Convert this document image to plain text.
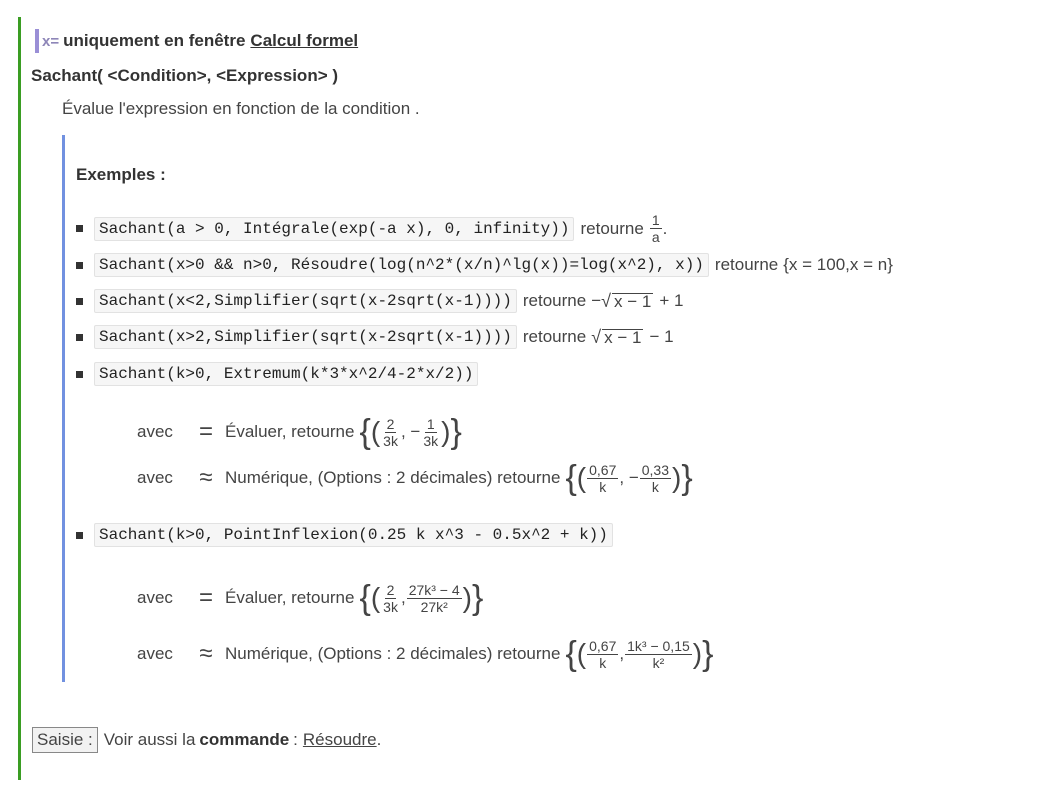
x= uniquement en fenêtre Calcul formel
Sachant( <Condition>, <Expression> )
Évalue l'expression en fonction de la condition .
Exemples :
Sachant(a > 0, Intégrale(exp(-a x), 0, infinity)) retourne $\frac{1}{a}$ .
Sachant(x>0 && n>0, Résoudre(log(n^2*(x/n)^lg(x))=log(x^2), x)) retourne {x = 100,x = n}
Sachant(x<2,Simplifier(sqrt(x-2sqrt(x-1)))) retourne − √ x − 1 + 1
Sachant(x>2,Simplifier(sqrt(x-2sqrt(x-1)))) retourne √ x − 1 − 1
Sachant(k>0, Extremum(k*3*x^2/4-2*x/2))
avec	= Évaluer, retourne { ( $\frac{2}{3k}$ , − $\frac{1}{3k}$ ) }
avec	≈ Numérique, (Options : 2 décimales) retourne { ( $\frac{0,67}{k}$ , − $\frac{0,33}{k}$ ) }
Sachant(k>0, PointInflexion(0.25 k x^3 - 0.5x^2 + k))
avec	= Évaluer, retourne { ( $\frac{2}{3k}$ , $\frac{\text{27k³ − 4}}{\text{27k²}}$ ) }
avec	≈ Numérique, (Options : 2 décimales) retourne { ( $\frac{0,67}{k}$ , $\frac{\text{1k³ − 0,15}}{\text{k²}}$ ) }
Saisie : Voir aussi la commande : Résoudre .
